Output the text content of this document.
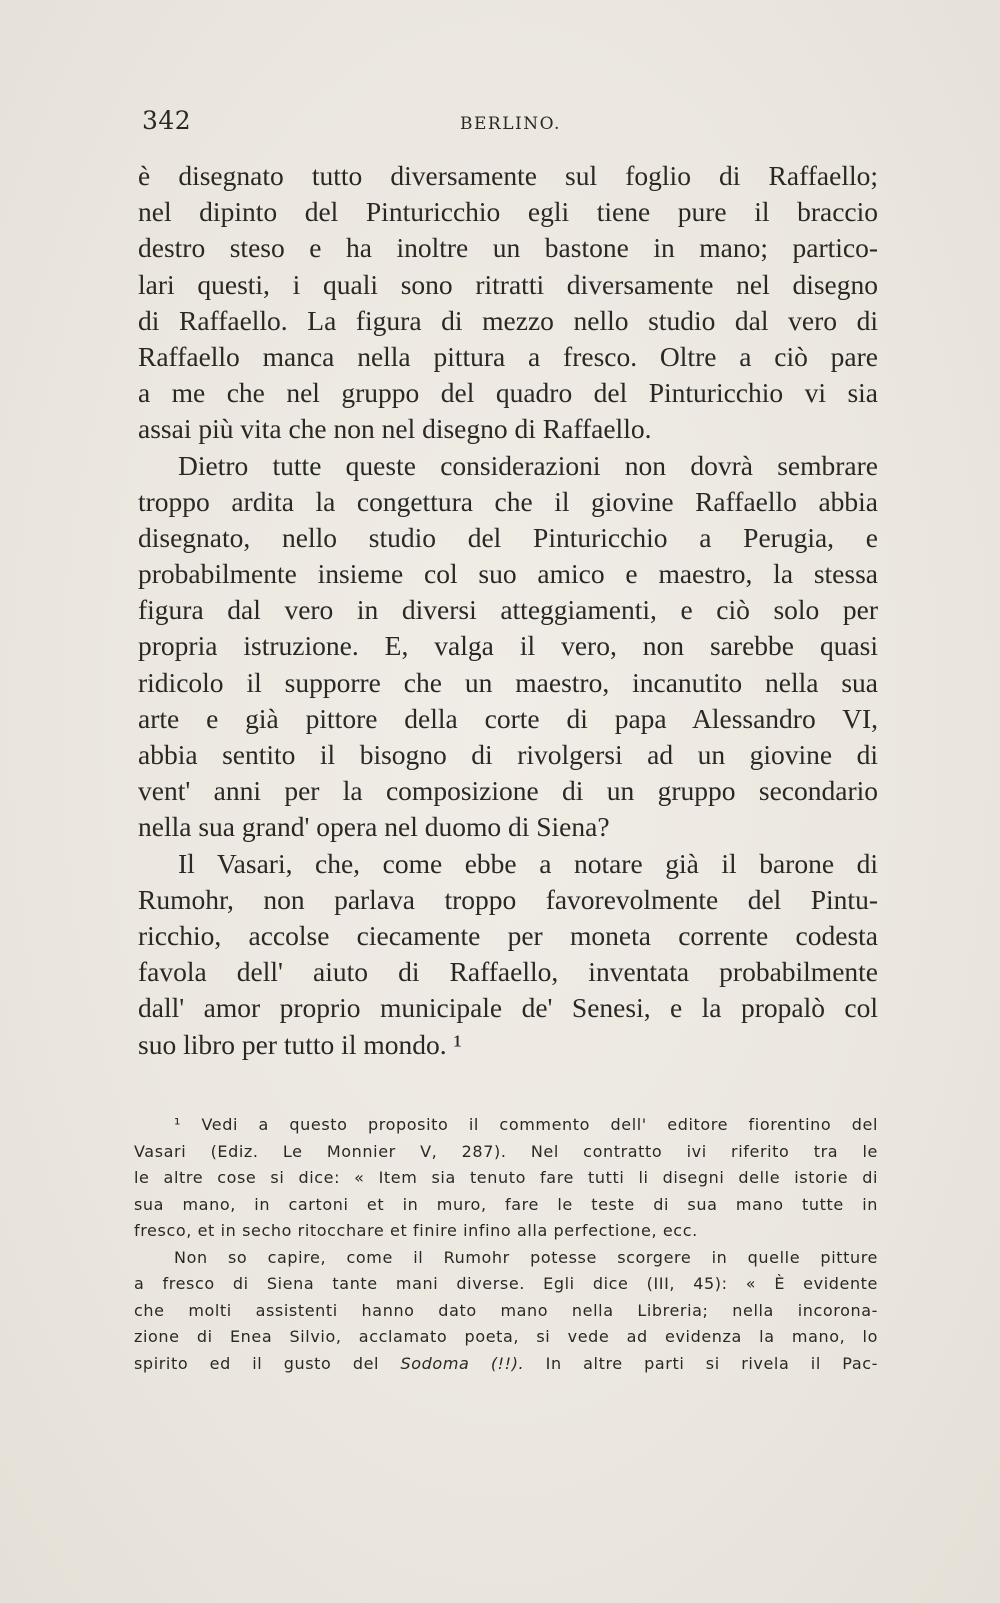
342	BERLINO.
è disegnato tutto diversamente sul foglio di Raffaello;
nel dipinto del Pinturicchio egli tiene pure il braccio
destro steso e ha inoltre un bastone in mano; partico-
lari questi, i quali sono ritratti diversamente nel disegno
di Raffaello. La figura di mezzo nello studio dal vero di
Raffaello manca nella pittura a fresco. Oltre a ciò pare
a me che nel gruppo del quadro del Pinturicchio vi sia
assai più vita che non nel disegno di Raffaello.
Dietro tutte queste considerazioni non dovrà sembrare
troppo ardita la congettura che il giovine Raffaello abbia
disegnato, nello studio del Pinturicchio a Perugia, e
probabilmente insieme col suo amico e maestro, la stessa
figura dal vero in diversi atteggiamenti, e ciò solo per
propria istruzione. E, valga il vero, non sarebbe quasi
ridicolo il supporre che un maestro, incanutito nella sua
arte e già pittore della corte di papa Alessandro VI,
abbia sentito il bisogno di rivolgersi ad un giovine di
vent' anni per la composizione di un gruppo secondario
nella sua grand' opera nel duomo di Siena?
Il Vasari, che, come ebbe a notare già il barone di
Rumohr, non parlava troppo favorevolmente del Pintu-
ricchio, accolse ciecamente per moneta corrente codesta
favola dell' aiuto di Raffaello, inventata probabilmente
dall' amor proprio municipale de' Senesi, e la propalò col
suo libro per tutto il mondo. ¹
¹ Vedi a questo proposito il commento dell' editore fiorentino del
Vasari (Ediz. Le Monnier V, 287). Nel contratto ivi riferito tra le
le altre cose si dice: « Item sia tenuto fare tutti li disegni delle istorie di
sua mano, in cartoni et in muro, fare le teste di sua mano tutte in
fresco, et in secho ritocchare et finire infino alla perfectione, ecc.
Non so capire, come il Rumohr potesse scorgere in quelle pitture
a fresco di Siena tante mani diverse. Egli dice (III, 45): « È evidente
che molti assistenti hanno dato mano nella Libreria; nella incorona-
zione di Enea Silvio, acclamato poeta, si vede ad evidenza la mano, lo
spirito ed il gusto del Sodoma (!!). In altre parti si rivela il Pac-
